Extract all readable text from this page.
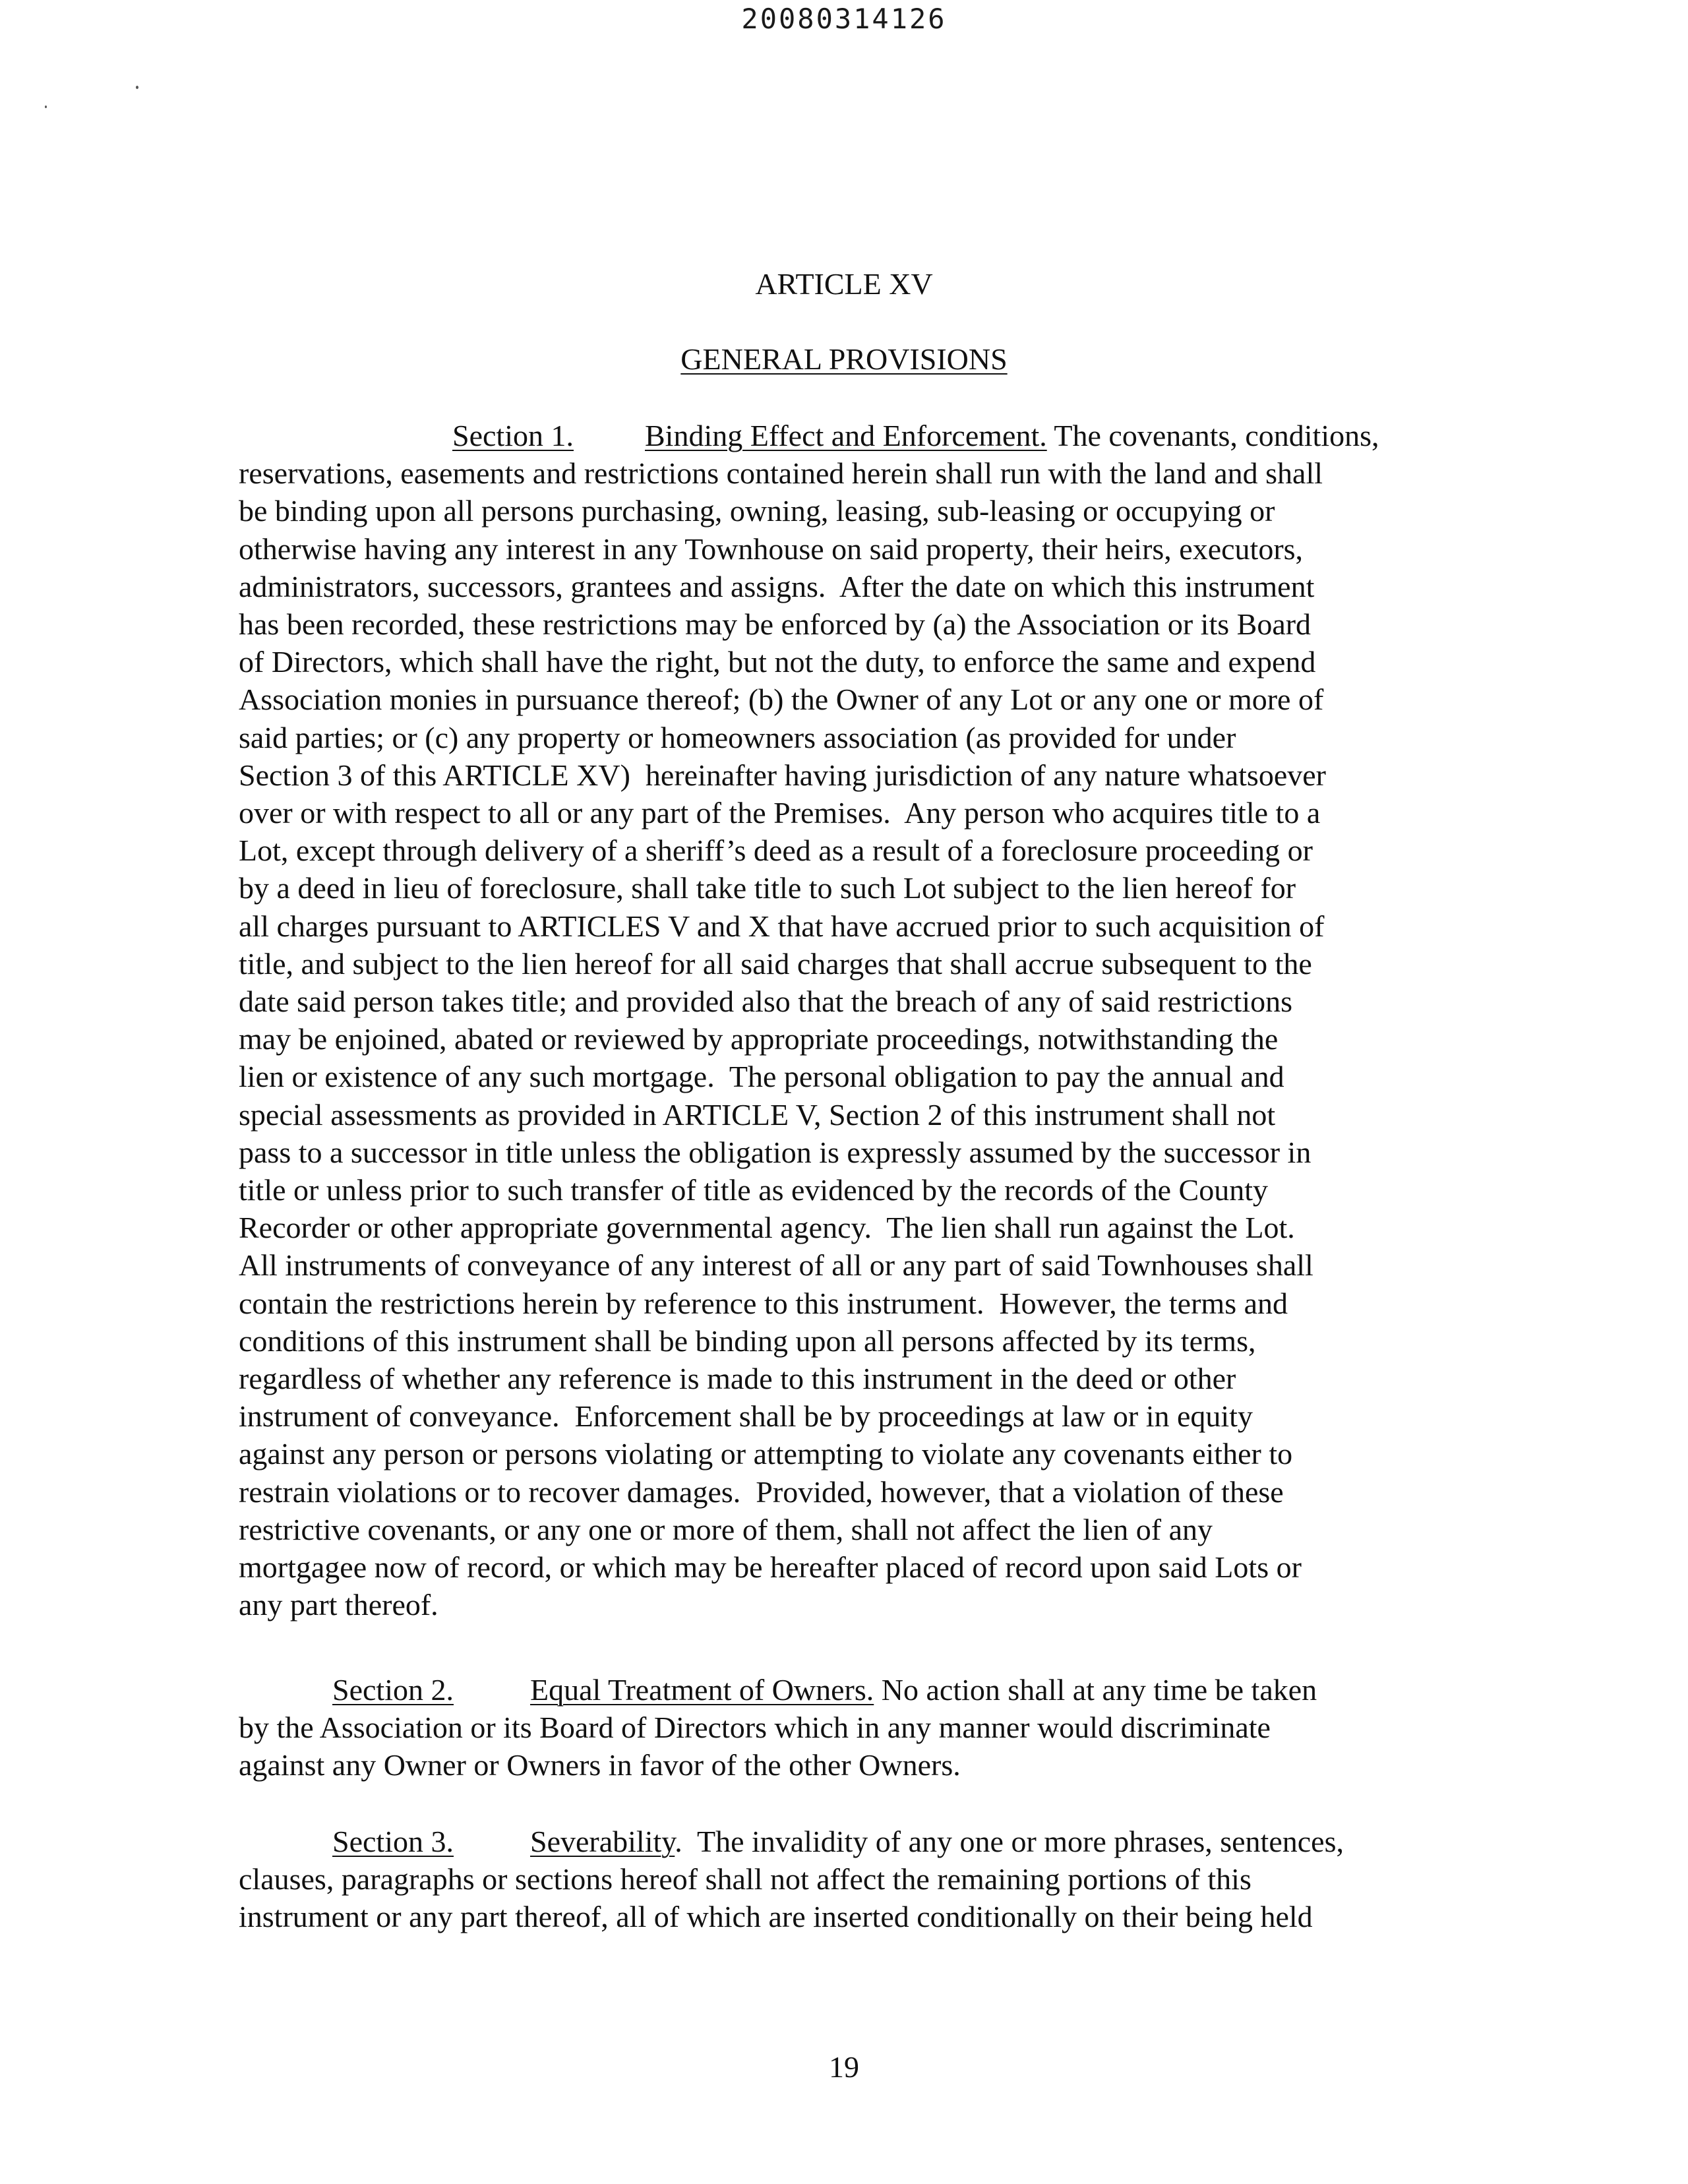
20080314126
ARTICLE XV
GENERAL PROVISIONS
Section 1. Binding Effect and Enforcement. The covenants, conditions,
reservations, easements and restrictions contained herein shall run with the land and shall
be binding upon all persons purchasing, owning, leasing, sub-leasing or occupying or
otherwise having any interest in any Townhouse on said property, their heirs, executors,
administrators, successors, grantees and assigns.  After the date on which this instrument
has been recorded, these restrictions may be enforced by (a) the Association or its Board
of Directors, which shall have the right, but not the duty, to enforce the same and expend
Association monies in pursuance thereof; (b) the Owner of any Lot or any one or more of
said parties; or (c) any property or homeowners association (as provided for under
Section 3 of this ARTICLE XV)  hereinafter having jurisdiction of any nature whatsoever
over or with respect to all or any part of the Premises.  Any person who acquires title to a
Lot, except through delivery of a sheriff’s deed as a result of a foreclosure proceeding or
by a deed in lieu of foreclosure, shall take title to such Lot subject to the lien hereof for
all charges pursuant to ARTICLES V and X that have accrued prior to such acquisition of
title, and subject to the lien hereof for all said charges that shall accrue subsequent to the
date said person takes title; and provided also that the breach of any of said restrictions
may be enjoined, abated or reviewed by appropriate proceedings, notwithstanding the
lien or existence of any such mortgage.  The personal obligation to pay the annual and
special assessments as provided in ARTICLE V, Section 2 of this instrument shall not
pass to a successor in title unless the obligation is expressly assumed by the successor in
title or unless prior to such transfer of title as evidenced by the records of the County
Recorder or other appropriate governmental agency.  The lien shall run against the Lot.
All instruments of conveyance of any interest of all or any part of said Townhouses shall
contain the restrictions herein by reference to this instrument.  However, the terms and
conditions of this instrument shall be binding upon all persons affected by its terms,
regardless of whether any reference is made to this instrument in the deed or other
instrument of conveyance.  Enforcement shall be by proceedings at law or in equity
against any person or persons violating or attempting to violate any covenants either to
restrain violations or to recover damages.  Provided, however, that a violation of these
restrictive covenants, or any one or more of them, shall not affect the lien of any
mortgagee now of record, or which may be hereafter placed of record upon said Lots or
any part thereof.
Section 2.	Equal Treatment of Owners. No action shall at any time be taken
by the Association or its Board of Directors which in any manner would discriminate
against any Owner or Owners in favor of the other Owners.
Section 3.	Severability.  The invalidity of any one or more phrases, sentences,
clauses, paragraphs or sections hereof shall not affect the remaining portions of this
instrument or any part thereof, all of which are inserted conditionally on their being held
19
